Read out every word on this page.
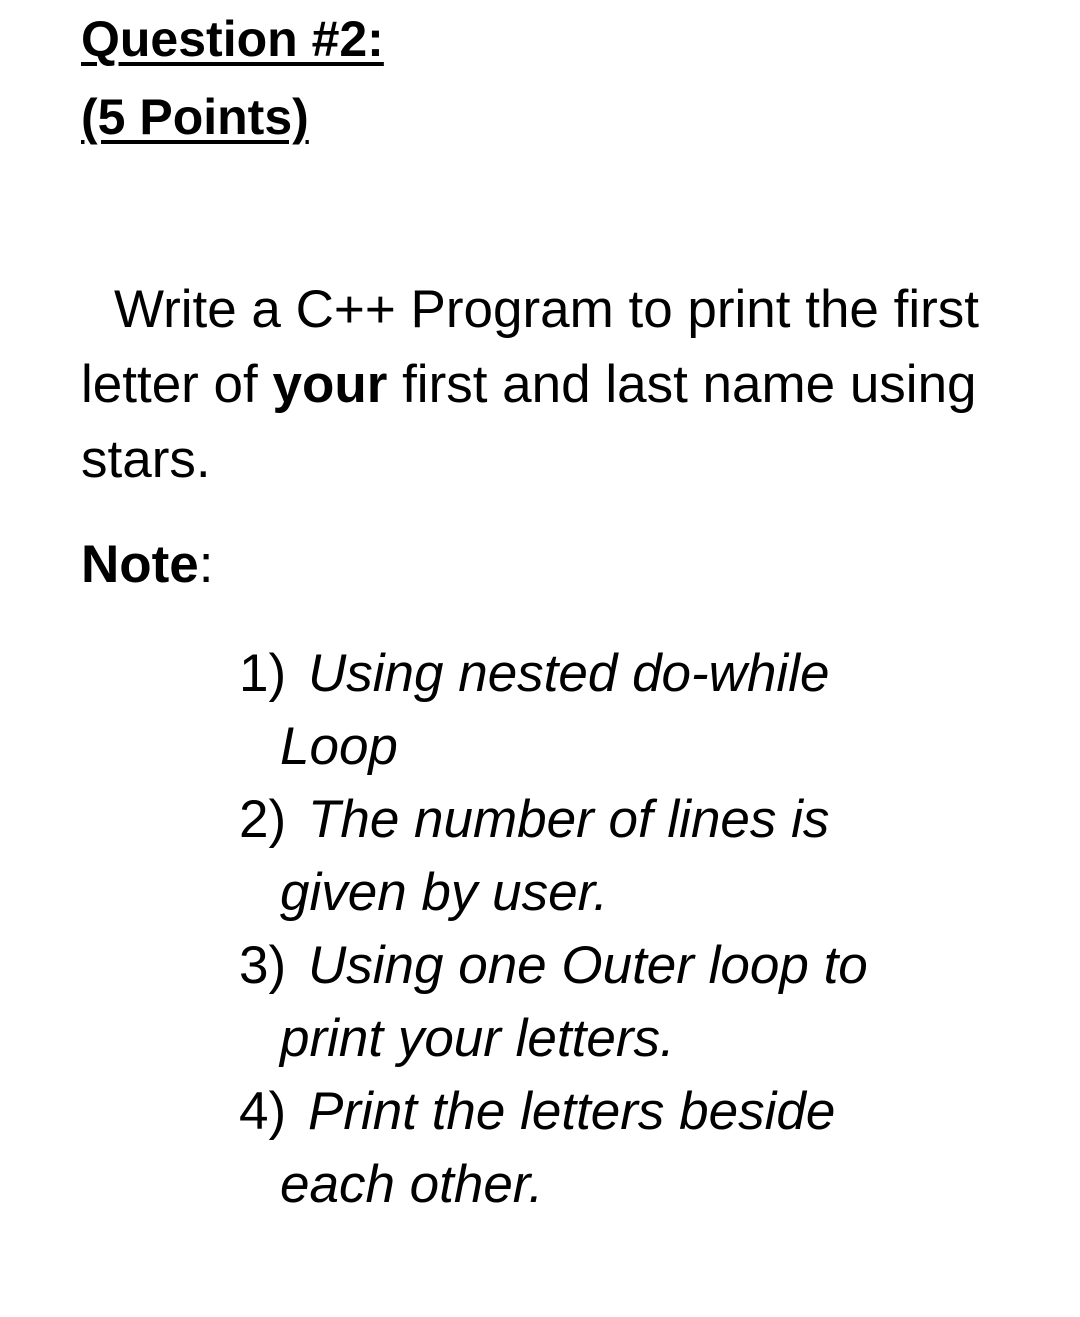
Question #2:

(5 Points)

Write a C++ Program to print the first letter of your first and last name using stars.

Note:

1) Using nested do-while
Loop
2) The number of lines is
given by user.
3) Using one Outer loop to
print your letters.
4) Print the letters beside
each other.
